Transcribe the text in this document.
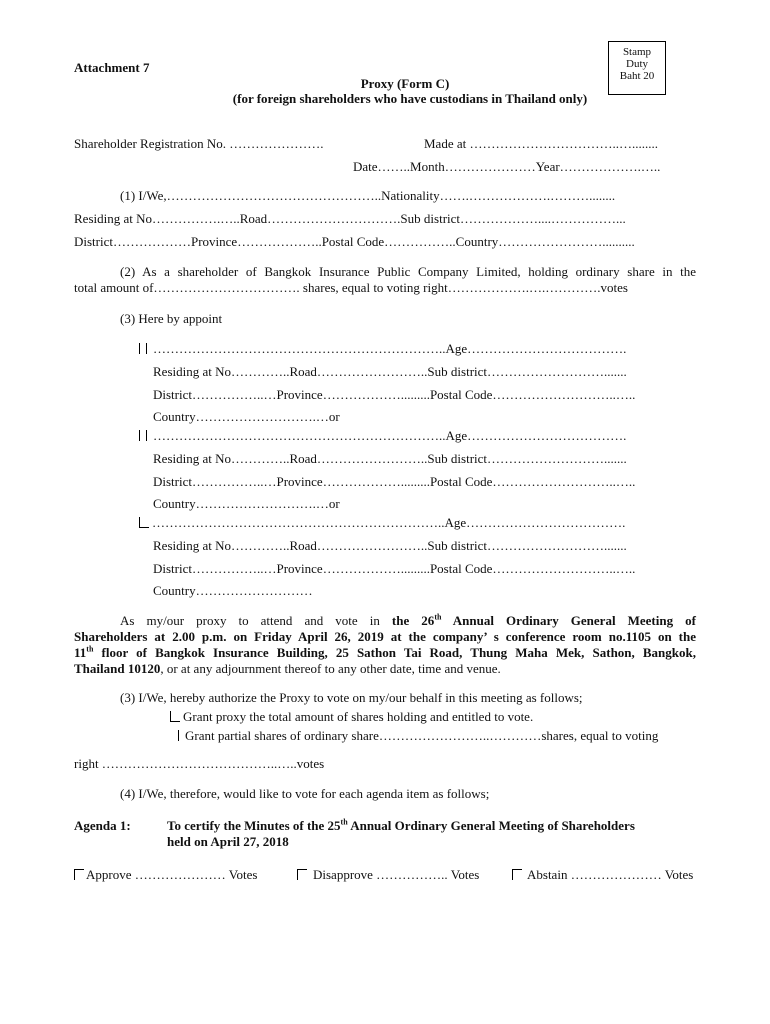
Stamp
Duty
Baht 20
Attachment 7
Proxy (Form C)
(for foreign shareholders who have custodians in Thailand only)
Shareholder Registration No. ………………….	Made at ……………………………..…........
Date……..Month…………………Year……………….…..
(1) I/We,…………………………………………..Nationality…….……………….………........
Residing at No…………….…..Road………………………….Sub district………………....……………...
District………………Province………………..Postal Code……………..Country……………………..........
(2) As a shareholder of Bangkok Insurance Public Company Limited, holding ordinary share in the
total amount of……………………………. shares, equal to voting right……………….….………….votes
(3) Here by appoint
…………………………………………………………..Age……………………………….
Residing at No…………..Road……………………..Sub district……………………….......
District……………..…Province……………….........Postal Code………………………..…..
Country……………………….…or
…………………………………………………………..Age……………………………….
Residing at No…………..Road……………………..Sub district……………………….......
District……………..…Province……………….........Postal Code………………………..…..
Country……………………….…or
…………………………………………………………..Age……………………………….
Residing at No…………..Road……………………..Sub district……………………….......
District……………..…Province……………….........Postal Code………………………..…..
Country………………………
As my/our proxy to attend and vote in the 26th Annual Ordinary General Meeting of
Shareholders at 2.00 p.m. on Friday April 26, 2019 at the company’ s conference room no.1105 on the
11th floor of Bangkok Insurance Building, 25 Sathon Tai Road, Thung Maha Mek, Sathon, Bangkok,
Thailand 10120, or at any adjournment thereof to any other date, time and venue.
(3) I/We, hereby authorize the Proxy to vote on my/our behalf in this meeting as follows;
Grant proxy the total amount of shares holding and entitled to vote.
Grant partial shares of ordinary share……………………..…………shares, equal to voting
right …………………………………..…..votes
(4) I/We, therefore, would like to vote for each agenda item as follows;
Agenda 1:	To certify the Minutes of the 25th Annual Ordinary General Meeting of Shareholders
held on April 27, 2018
Approve ………………… Votes	Disapprove …………….. Votes	Abstain ………………… Votes
